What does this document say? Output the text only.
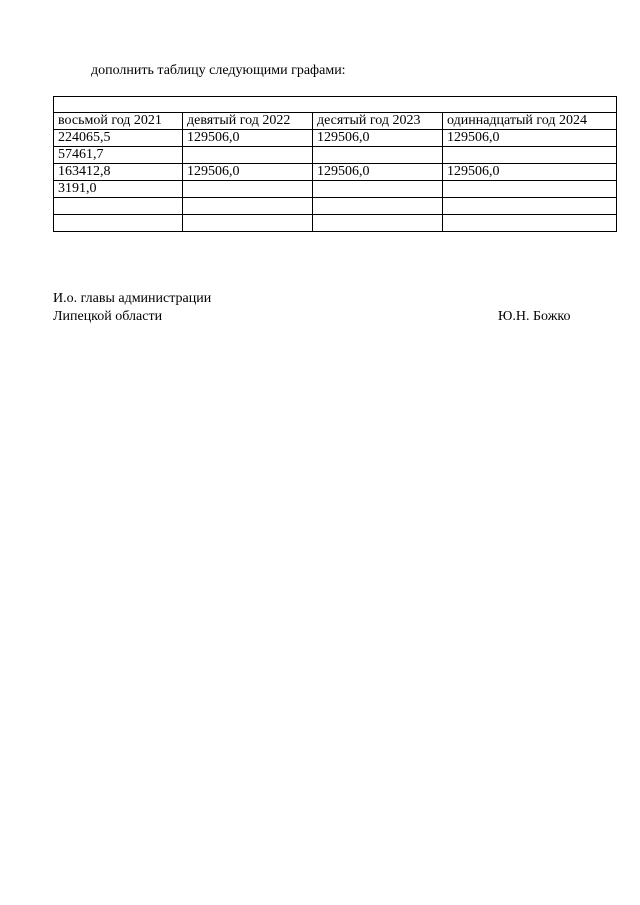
дополнить таблицу следующими графами:

восьмой год 2021	девятый год 2022	десятый год 2023	одиннадцатый год 2024
224065,5	129506,0	129506,0	129506,0
57461,7			
163412,8	129506,0	129506,0	129506,0
3191,0			

И.о. главы администрации
Липецкой области	Ю.Н. Божко
